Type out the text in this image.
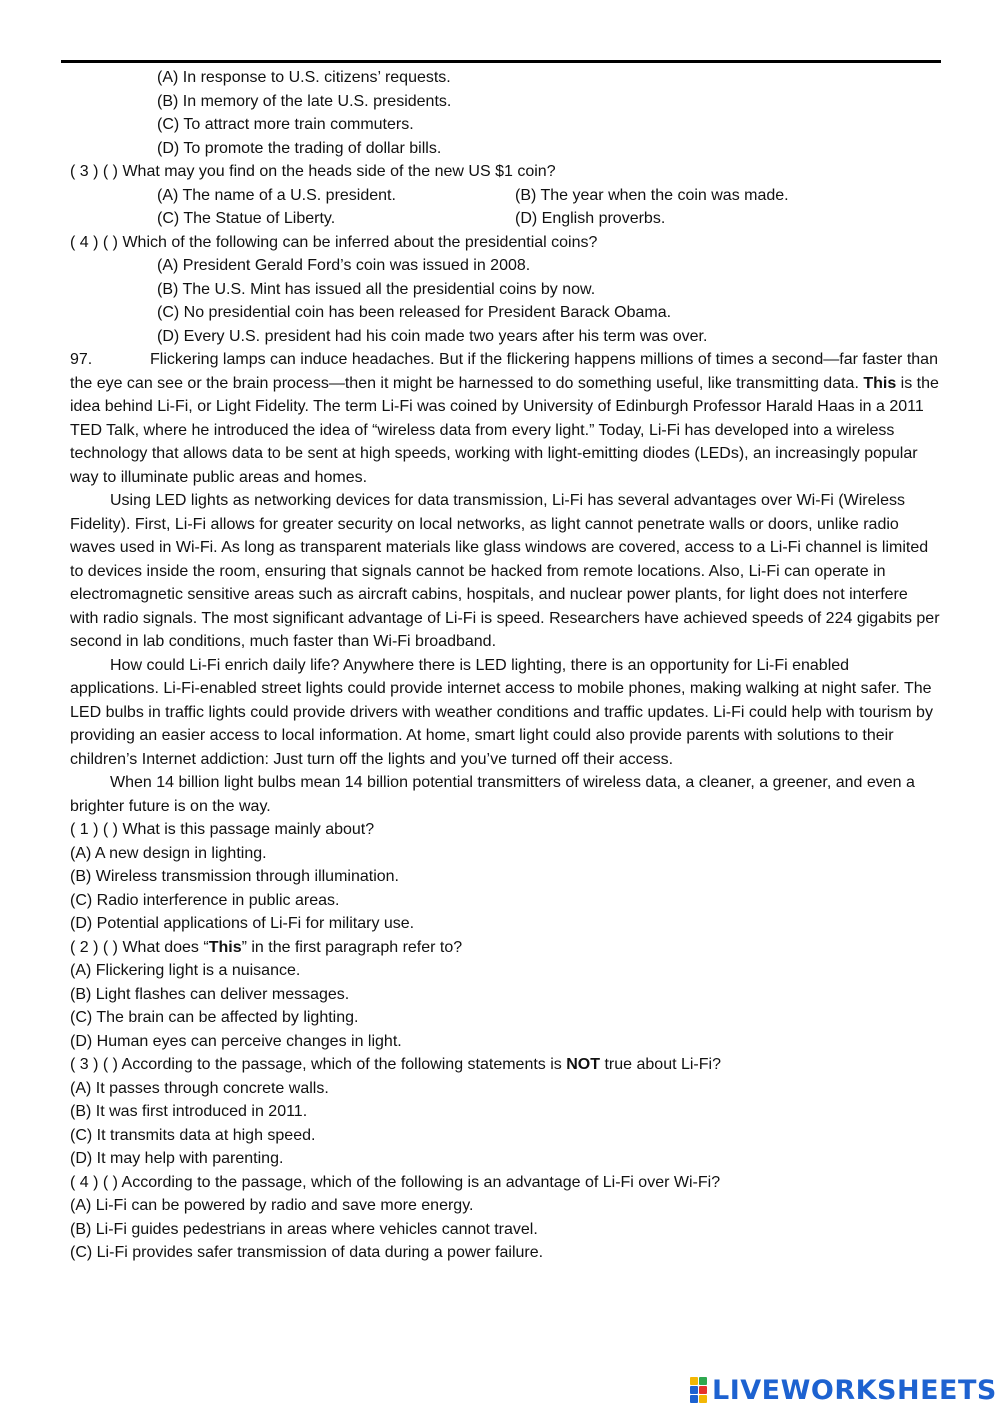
(A) In response to U.S. citizens’ requests.
(B) In memory of the late U.S. presidents.
(C) To attract more train commuters.
(D) To promote the trading of dollar bills.
( 3 ) ( ) What may you find on the heads side of the new US $1 coin?
(A) The name of a U.S. president.	(B) The year when the coin was made.
(C) The Statue of Liberty.	(D) English proverbs.
( 4 ) ( ) Which of the following can be inferred about the presidential coins?
(A) President Gerald Ford’s coin was issued in 2008.
(B) The U.S. Mint has issued all the presidential coins by now.
(C) No presidential coin has been released for President Barack Obama.
(D) Every U.S. president had his coin made two years after his term was over.
97.	Flickering lamps can induce headaches. But if the flickering happens millions of times a second—far faster than the eye can see or the brain process—then it might be harnessed to do something useful, like transmitting data. This is the idea behind Li-Fi, or Light Fidelity. The term Li-Fi was coined by University of Edinburgh Professor Harald Haas in a 2011 TED Talk, where he introduced the idea of “wireless data from every light.” Today, Li-Fi has developed into a wireless technology that allows data to be sent at high speeds, working with light-emitting diodes (LEDs), an increasingly popular way to illuminate public areas and homes.
Using LED lights as networking devices for data transmission, Li-Fi has several advantages over Wi-Fi (Wireless Fidelity). First, Li-Fi allows for greater security on local networks, as light cannot penetrate walls or doors, unlike radio waves used in Wi-Fi. As long as transparent materials like glass windows are covered, access to a Li-Fi channel is limited to devices inside the room, ensuring that signals cannot be hacked from remote locations. Also, Li-Fi can operate in electromagnetic sensitive areas such as aircraft cabins, hospitals, and nuclear power plants, for light does not interfere with radio signals. The most significant advantage of Li-Fi is speed. Researchers have achieved speeds of 224 gigabits per second in lab conditions, much faster than Wi-Fi broadband.
How could Li-Fi enrich daily life? Anywhere there is LED lighting, there is an opportunity for Li-Fi enabled applications. Li-Fi-enabled street lights could provide internet access to mobile phones, making walking at night safer. The LED bulbs in traffic lights could provide drivers with weather conditions and traffic updates. Li-Fi could help with tourism by providing an easier access to local information. At home, smart light could also provide parents with solutions to their children’s Internet addiction: Just turn off the lights and you’ve turned off their access.
When 14 billion light bulbs mean 14 billion potential transmitters of wireless data, a cleaner, a greener, and even a brighter future is on the way.
( 1 ) ( ) What is this passage mainly about?
(A) A new design in lighting.
(B) Wireless transmission through illumination.
(C) Radio interference in public areas.
(D) Potential applications of Li-Fi for military use.
( 2 ) ( ) What does “This” in the first paragraph refer to?
(A) Flickering light is a nuisance.
(B) Light flashes can deliver messages.
(C) The brain can be affected by lighting.
(D) Human eyes can perceive changes in light.
( 3 ) ( ) According to the passage, which of the following statements is NOT true about Li-Fi?
(A) It passes through concrete walls.
(B) It was first introduced in 2011.
(C) It transmits data at high speed.
(D) It may help with parenting.
( 4 ) ( ) According to the passage, which of the following is an advantage of Li-Fi over Wi-Fi?
(A) Li-Fi can be powered by radio and save more energy.
(B) Li-Fi guides pedestrians in areas where vehicles cannot travel.
(C) Li-Fi provides safer transmission of data during a power failure.
LIVEWORKSHEETS
